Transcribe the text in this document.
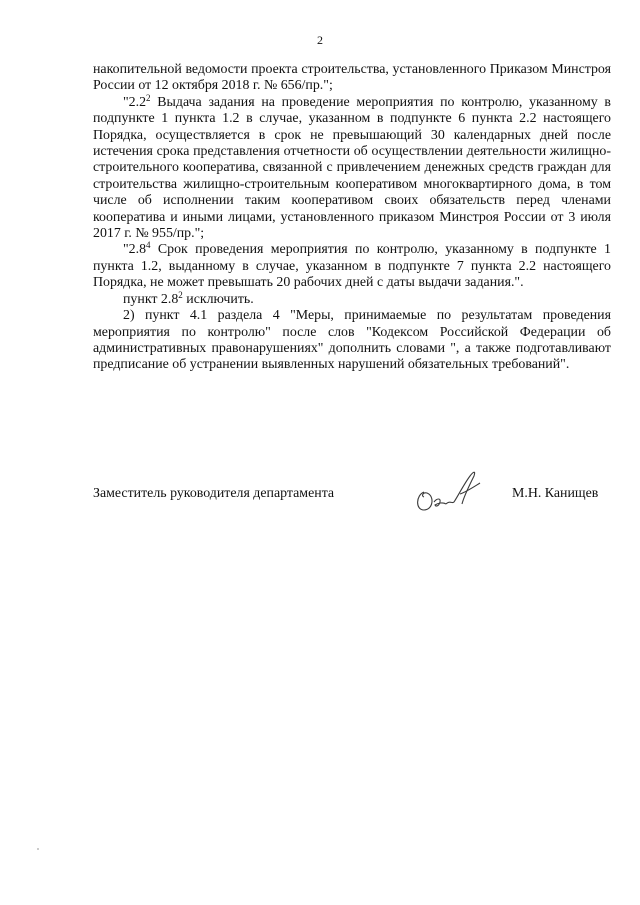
2

накопительной ведомости проекта строительства, установленного Приказом Минстроя России от 12 октября 2018 г. № 656/пр.";

"$2.2^2$ Выдача задания на проведение мероприятия по контролю, указанному в подпункте 1 пункта 1.2 в случае, указанном в подпункте 6 пункта 2.2 настоящего Порядка, осуществляется в срок не превышающий 30 календарных дней после истечения срока представления отчетности об осуществлении деятельности жилищно-строительного кооператива, связанной с привлечением денежных средств граждан для строительства жилищно-строительным кооперативом многоквартирного дома, в том числе об исполнении таким кооперативом своих обязательств перед членами кооператива и иными лицами, установленного приказом Минстроя России от 3 июля 2017 г. № 955/пр.";

"$2.8^4$ Срок проведения мероприятия по контролю, указанному в подпункте 1 пункта 1.2, выданному в случае, указанном в подпункте 7 пункта 2.2 настоящего Порядка, не может превышать 20 рабочих дней с даты выдачи задания.".

пункт $2.8^2$ исключить.

2) пункт 4.1 раздела 4 "Меры, принимаемые по результатам проведения мероприятия по контролю" после слов "Кодексом Российской Федерации об административных правонарушениях" дополнить словами ", а также подготавливают предписание об устранении выявленных нарушений обязательных требований".

Заместитель руководителя департамента	М.Н. Канищев
